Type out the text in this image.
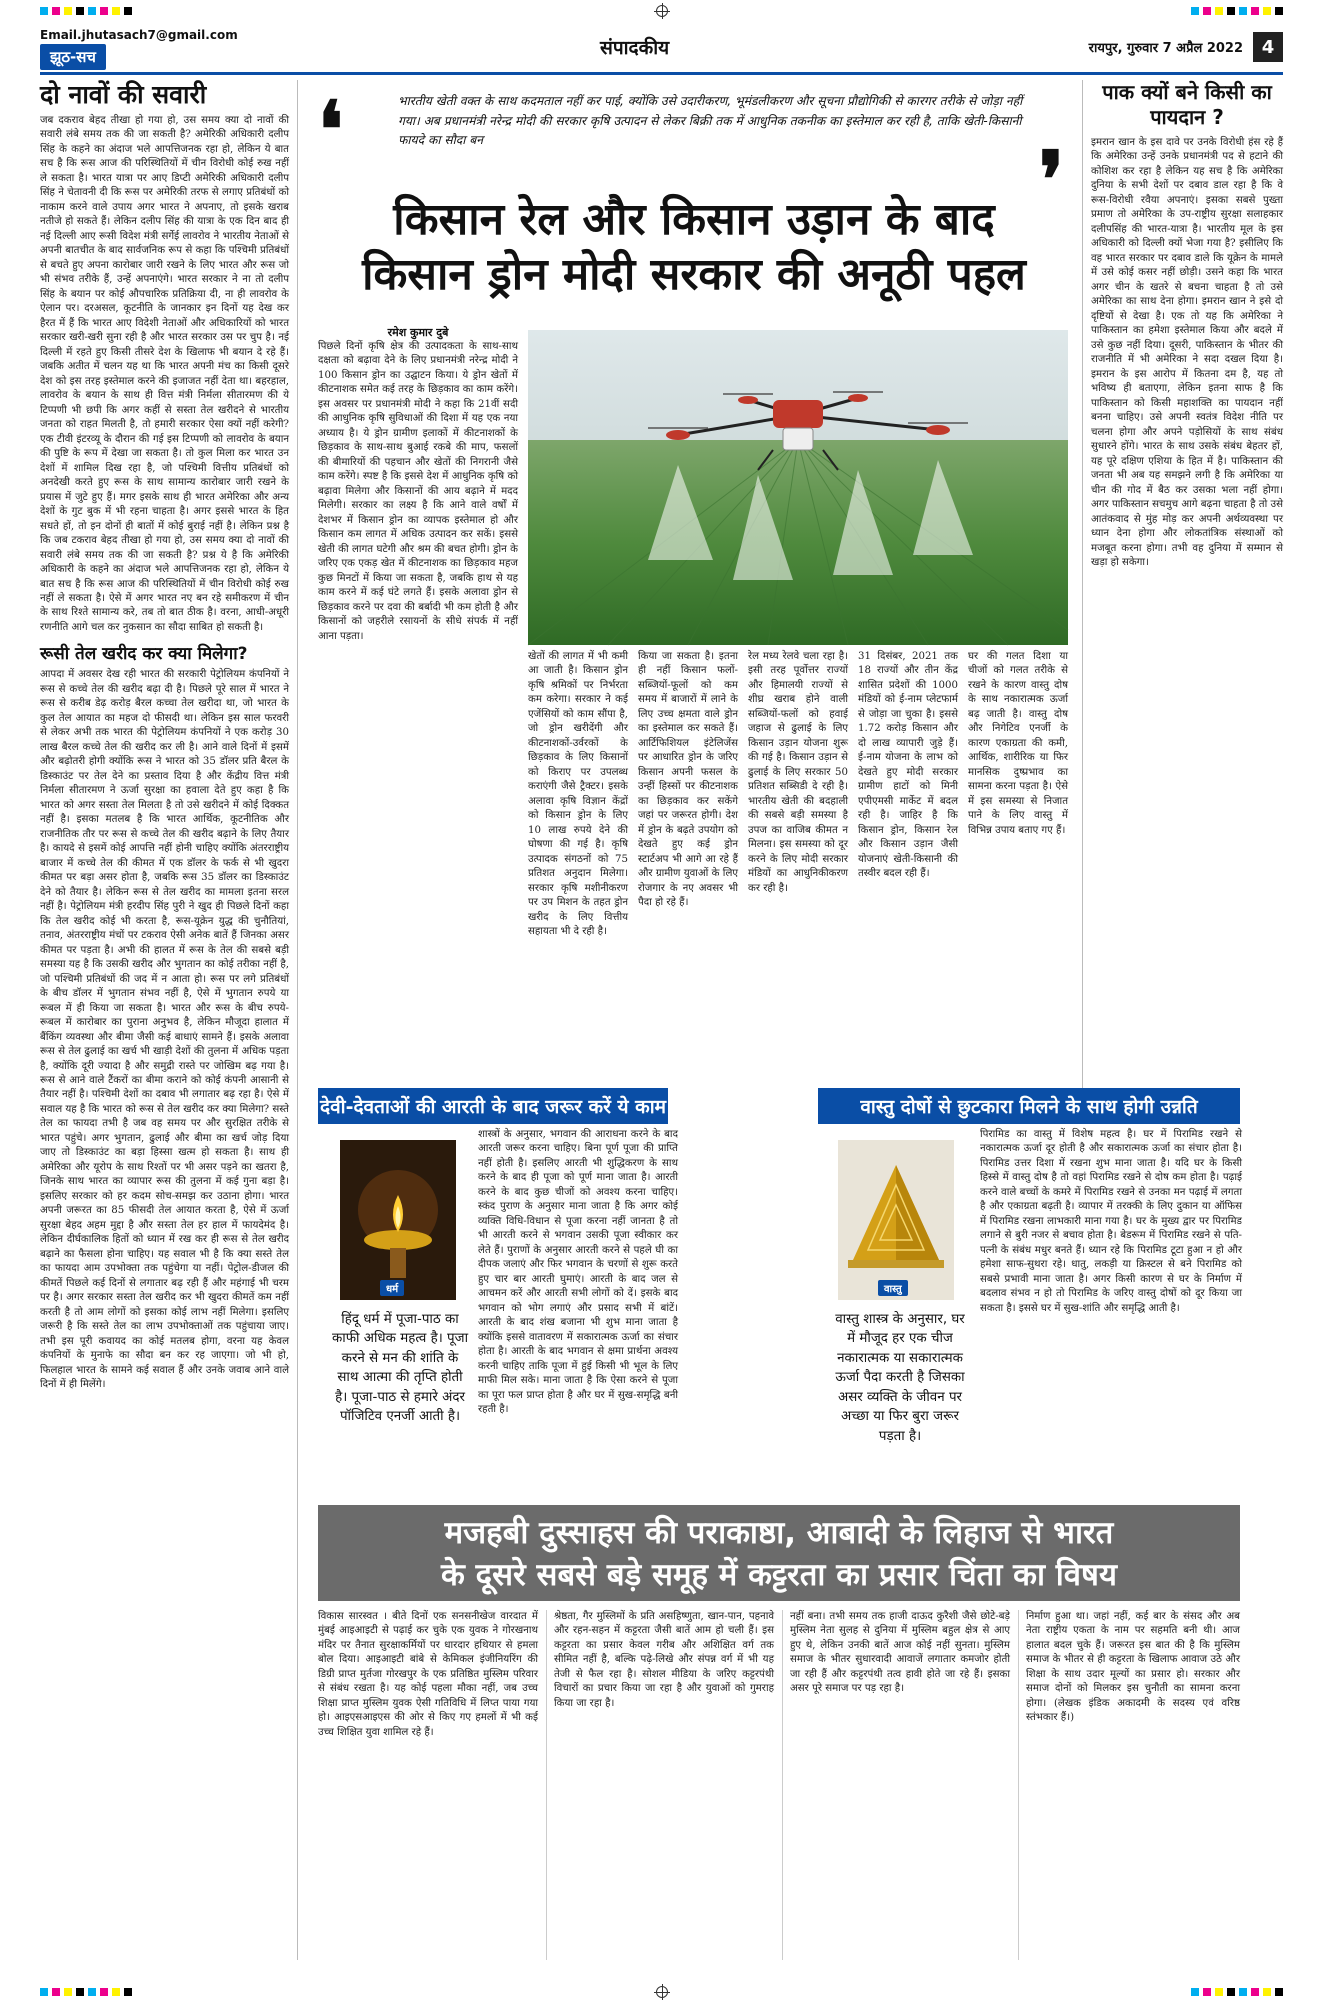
Email.jhutasach7@gmail.com
झूठ-सच	संपादकीय	रायपुर, गुरुवार 7 अप्रैल 2022	4
दो नावों की सवारी

जब दकराव बेहद तीखा हो गया हो, उस समय क्या दो नावों की सवारी लंबे समय तक की जा सकती है? अमेरिकी अधिकारी दलीप सिंह के कहने का अंदाज भले आपत्तिजनक रहा हो, लेकिन ये बात सच है कि रूस आज की परिस्थितियों में चीन विरोधी कोई रुख नहीं ले सकता है। भारत यात्रा पर आए डिप्टी अमेरिकी अधिकारी दलीप सिंह ने चेतावनी दी कि रूस पर अमेरिकी तरफ से लगाए प्रतिबंधों को नाकाम करने वाले उपाय अगर भारत ने अपनाए, तो इसके खराब नतीजे हो सकते हैं। लेकिन दलीप सिंह की यात्रा के एक दिन बाद ही नई दिल्ली आए रूसी विदेश मंत्री सर्गेई लावरोव ने भारतीय नेताओं से अपनी बातचीत के बाद सार्वजनिक रूप से कहा कि पश्चिमी प्रतिबंधों से बचते हुए अपना कारोबार जारी रखने के लिए भारत और रूस जो भी संभव तरीके हैं, उन्हें अपनाएंगे। भारत सरकार ने ना तो दलीप सिंह के बयान पर कोई औपचारिक प्रतिक्रिया दी, ना ही लावरोव के ऐलान पर। दरअसल, कूटनीति के जानकार इन दिनों यह देख कर हैरत में हैं कि भारत आए विदेशी नेताओं और अधिकारियों को भारत सरकार खरी-खरी सुना रही है और भारत सरकार उस पर चुप है। नई दिल्ली में रहते हुए किसी तीसरे देश के खिलाफ भी बयान दे रहे हैं। जबकि अतीत में चलन यह था कि भारत अपनी मंच का किसी दूसरे देश को इस तरह इस्तेमाल करने की इजाजत नहीं देता था। बहरहाल, लावरोव के बयान के साथ ही वित्त मंत्री निर्मला सीतारमण की ये टिप्पणी भी छपी कि अगर कहीं से सस्ता तेल खरीदने से भारतीय जनता को राहत मिलती है, तो हमारी सरकार ऐसा क्यों नहीं करेगी? एक टीवी इंटरव्यू के दौरान की गई इस टिप्पणी को लावरोव के बयान की पुष्टि के रूप में देखा जा सकता है। तो कुल मिला कर भारत उन देशों में शामिल दिख रहा है, जो पश्चिमी वित्तीय प्रतिबंधों को अनदेखी करते हुए रूस के साथ सामान्य कारोबार जारी रखने के प्रयास में जुटे हुए हैं। मगर इसके साथ ही भारत अमेरिका और अन्य देशों के गुट बुक में भी रहना चाहता है। अगर इससे भारत के हित सधते हों, तो इन दोनों ही बातों में कोई बुराई नहीं है। लेकिन प्रश्न है कि जब टकराव बेहद तीखा हो गया हो, उस समय क्या दो नावों की सवारी लंबे समय तक की जा सकती है? प्रश्न ये है कि अमेरिकी अधिकारी के कहने का अंदाज भले आपत्तिजनक रहा हो, लेकिन ये बात सच है कि रूस आज की परिस्थितियों में चीन विरोधी कोई रुख नहीं ले सकता है। ऐसे में अगर भारत नए बन रहे समीकरण में चीन के साथ रिश्ते सामान्य करे, तब तो बात ठीक है। वरना, आधी-अधूरी रणनीति आगे चल कर नुकसान का सौदा साबित हो सकती है।

रूसी तेल खरीद कर क्या मिलेगा?

आपदा में अवसर देख रही भारत की सरकारी पेट्रोलियम कंपनियों ने रूस से कच्चे तेल की खरीद बढ़ा दी है। पिछले पूरे साल में भारत ने रूस से करीब डेढ़ करोड़ बैरल कच्चा तेल खरीदा था, जो भारत के कुल तेल आयात का महज दो फीसदी था। लेकिन इस साल फरवरी से लेकर अभी तक भारत की पेट्रोलियम कंपनियों ने एक करोड़ 30 लाख बैरल कच्चे तेल की खरीद कर ली है। आने वाले दिनों में इसमें और बढ़ोतरी होगी क्योंकि रूस ने भारत को 35 डॉलर प्रति बैरल के डिस्काउंट पर तेल देने का प्रस्ताव दिया है और केंद्रीय वित्त मंत्री निर्मला सीतारमण ने ऊर्जा सुरक्षा का हवाला देते हुए कहा है कि भारत को अगर सस्ता तेल मिलता है तो उसे खरीदने में कोई दिक्कत नहीं है। इसका मतलब है कि भारत आर्थिक, कूटनीतिक और राजनीतिक तौर पर रूस से कच्चे तेल की खरीद बढ़ाने के लिए तैयार है। कायदे से इसमें कोई आपत्ति नहीं होनी चाहिए क्योंकि अंतरराष्ट्रीय बाजार में कच्चे तेल की कीमत में एक डॉलर के फर्क से भी खुदरा कीमत पर बड़ा असर होता है, जबकि रूस 35 डॉलर का डिस्काउंट देने को तैयार है। लेकिन रूस से तेल खरीद का मामला इतना सरल नहीं है। पेट्रोलियम मंत्री हरदीप सिंह पुरी ने खुद ही पिछले दिनों कहा कि तेल खरीद कोई भी करता है, रूस-यूक्रेन युद्ध की चुनौतियां, तनाव, अंतरराष्ट्रीय मंचों पर टकराव ऐसी अनेक बातें हैं जिनका असर कीमत पर पड़ता है। अभी की हालत में रूस के तेल की सबसे बड़ी समस्या यह है कि उसकी खरीद और भुगतान का कोई तरीका नहीं है, जो पश्चिमी प्रतिबंधों की जद में न आता हो। रूस पर लगे प्रतिबंधों के बीच डॉलर में भुगतान संभव नहीं है, ऐसे में भुगतान रुपये या रूबल में ही किया जा सकता है। भारत और रूस के बीच रुपये-रूबल में कारोबार का पुराना अनुभव है, लेकिन मौजूदा हालात में बैंकिंग व्यवस्था और बीमा जैसी कई बाधाएं सामने हैं। इसके अलावा रूस से तेल ढुलाई का खर्च भी खाड़ी देशों की तुलना में अधिक पड़ता है, क्योंकि दूरी ज्यादा है और समुद्री रास्ते पर जोखिम बढ़ गया है। रूस से आने वाले टैंकरों का बीमा कराने को कोई कंपनी आसानी से तैयार नहीं है। पश्चिमी देशों का दबाव भी लगातार बढ़ रहा है। ऐसे में सवाल यह है कि भारत को रूस से तेल खरीद कर क्या मिलेगा? सस्ते तेल का फायदा तभी है जब वह समय पर और सुरक्षित तरीके से भारत पहुंचे। अगर भुगतान, ढुलाई और बीमा का खर्च जोड़ दिया जाए तो डिस्काउंट का बड़ा हिस्सा खत्म हो सकता है। साथ ही अमेरिका और यूरोप के साथ रिश्तों पर भी असर पड़ने का खतरा है, जिनके साथ भारत का व्यापार रूस की तुलना में कई गुना बड़ा है। इसलिए सरकार को हर कदम सोच-समझ कर उठाना होगा। भारत अपनी जरूरत का 85 फीसदी तेल आयात करता है, ऐसे में ऊर्जा सुरक्षा बेहद अहम मुद्दा है और सस्ता तेल हर हाल में फायदेमंद है। लेकिन दीर्घकालिक हितों को ध्यान में रख कर ही रूस से तेल खरीद बढ़ाने का फैसला होना चाहिए। यह सवाल भी है कि क्या सस्ते तेल का फायदा आम उपभोक्ता तक पहुंचेगा या नहीं। पेट्रोल-डीजल की कीमतें पिछले कई दिनों से लगातार बढ़ रही हैं और महंगाई भी चरम पर है। अगर सरकार सस्ता तेल खरीद कर भी खुदरा कीमतें कम नहीं करती है तो आम लोगों को इसका कोई लाभ नहीं मिलेगा। इसलिए जरूरी है कि सस्ते तेल का लाभ उपभोक्ताओं तक पहुंचाया जाए। तभी इस पूरी कवायद का कोई मतलब होगा, वरना यह केवल कंपनियों के मुनाफे का सौदा बन कर रह जाएगा। जो भी हो, फिलहाल भारत के सामने कई सवाल हैं और उनके जवाब आने वाले दिनों में ही मिलेंगे।

पाक क्यों बने किसी का पायदान ?

इमरान खान के इस दावे पर उनके विरोधी हंस रहे हैं कि अमेरिका उन्हें उनके प्रधानमंत्री पद से हटाने की कोशिश कर रहा है लेकिन यह सच है कि अमेरिका दुनिया के सभी देशों पर दबाव डाल रहा है कि वे रूस-विरोधी रवैया अपनाएं। इसका सबसे पुख्ता प्रमाण तो अमेरिका के उप-राष्ट्रीय सुरक्षा सलाहकार दलीपसिंह की भारत-यात्रा है। भारतीय मूल के इस अधिकारी को दिल्ली क्यों भेजा गया है? इसीलिए कि वह भारत सरकार पर दबाव डाले कि यूक्रेन के मामले में उसे कोई कसर नहीं छोड़ी। उसने कहा कि भारत अगर चीन के खतरे से बचना चाहता है तो उसे अमेरिका का साथ देना होगा। इमरान खान ने इसे दो दृष्टियों से देखा है। एक तो यह कि अमेरिका ने पाकिस्तान का हमेशा इस्तेमाल किया और बदले में उसे कुछ नहीं दिया। दूसरी, पाकिस्तान के भीतर की राजनीति में भी अमेरिका ने सदा दखल दिया है। इमरान के इस आरोप में कितना दम है, यह तो भविष्य ही बताएगा, लेकिन इतना साफ है कि पाकिस्तान को किसी महाशक्ति का पायदान नहीं बनना चाहिए। उसे अपनी स्वतंत्र विदेश नीति पर चलना होगा और अपने पड़ोसियों के साथ संबंध सुधारने होंगे। भारत के साथ उसके संबंध बेहतर हों, यह पूरे दक्षिण एशिया के हित में है। पाकिस्तान की जनता भी अब यह समझने लगी है कि अमेरिका या चीन की गोद में बैठ कर उसका भला नहीं होगा। अगर पाकिस्तान सचमुच आगे बढ़ना चाहता है तो उसे आतंकवाद से मुंह मोड़ कर अपनी अर्थव्यवस्था पर ध्यान देना होगा और लोकतांत्रिक संस्थाओं को मजबूत करना होगा। तभी वह दुनिया में सम्मान से खड़ा हो सकेगा।

❛	भारतीय खेती वक्त के साथ कदमताल नहीं कर पाई, क्योंकि उसे उदारीकरण, भूमंडलीकरण और सूचना प्रौद्योगिकी से कारगर तरीके से जोड़ा नहीं गया। अब प्रधानमंत्री नरेन्द्र मोदी की सरकार कृषि उत्पादन से लेकर बिक्री तक में आधुनिक तकनीक का इस्तेमाल कर रही है, ताकि खेती-किसानी फायदे का सौदा बन	❜
किसान रेल और किसान उड़ान के बाद
किसान ड्रोन मोदी सरकार की अनूठी पहल
रमेश कुमार दुबे
पिछले दिनों कृषि क्षेत्र की उत्पादकता के साथ-साथ दक्षता को बढ़ावा देने के लिए प्रधानमंत्री नरेन्द्र मोदी ने 100 किसान ड्रोन का उद्घाटन किया। ये ड्रोन खेतों में कीटनाशक समेत कई तरह के छिड़काव का काम करेंगे। इस अवसर पर प्रधानमंत्री मोदी ने कहा कि 21वीं सदी की आधुनिक कृषि सुविधाओं की दिशा में यह एक नया अध्याय है। ये ड्रोन ग्रामीण इलाकों में कीटनाशकों के छिड़काव के साथ-साथ बुआई रकबे की माप, फसलों की बीमारियों की पहचान और खेतों की निगरानी जैसे काम करेंगे। स्पष्ट है कि इससे देश में आधुनिक कृषि को बढ़ावा मिलेगा और किसानों की आय बढ़ाने में मदद मिलेगी। सरकार का लक्ष्य है कि आने वाले वर्षों में देशभर में किसान ड्रोन का व्यापक इस्तेमाल हो और किसान कम लागत में अधिक उत्पादन कर सकें। इससे खेती की लागत घटेगी और श्रम की बचत होगी। ड्रोन के जरिए एक एकड़ खेत में कीटनाशक का छिड़काव महज कुछ मिनटों में किया जा सकता है, जबकि हाथ से यह काम करने में कई घंटे लगते हैं। इसके अलावा ड्रोन से छिड़काव करने पर दवा की बर्बादी भी कम होती है और किसानों को जहरीले रसायनों के सीधे संपर्क में नहीं आना पड़ता।
खेतों की लागत में भी कमी आ जाती है। किसान ड्रोन कृषि श्रमिकों पर निर्भरता कम करेगा। सरकार ने कई एजेंसियों को काम सौंपा है, जो ड्रोन खरीदेंगी और कीटनाशकों-उर्वरकों के छिड़काव के लिए किसानों को किराए पर उपलब्ध कराएंगी जैसे ट्रैक्टर। इसके अलावा कृषि विज्ञान केंद्रों को किसान ड्रोन के लिए 10 लाख रुपये देने की घोषणा की गई है। कृषि उत्पादक संगठनों को 75 प्रतिशत अनुदान मिलेगा। सरकार कृषि मशीनीकरण पर उप मिशन के तहत ड्रोन खरीद के लिए वित्तीय सहायता भी दे रही है।
किया जा सकता है। इतना ही नहीं किसान फलों-सब्जियों-फूलों को कम समय में बाजारों में लाने के लिए उच्च क्षमता वाले ड्रोन का इस्तेमाल कर सकते हैं। आर्टिफिशियल इंटेलिजेंस पर आधारित ड्रोन के जरिए किसान अपनी फसल के उन्हीं हिस्सों पर कीटनाशक का छिड़काव कर सकेंगे जहां पर जरूरत होगी। देश में ड्रोन के बढ़ते उपयोग को देखते हुए कई ड्रोन स्टार्टअप भी आगे आ रहे हैं और ग्रामीण युवाओं के लिए रोजगार के नए अवसर भी पैदा हो रहे हैं।
रेल मध्य रेलवे चला रहा है। इसी तरह पूर्वोत्तर राज्यों और हिमालयी राज्यों से शीघ्र खराब होने वाली सब्जियों-फलों को हवाई जहाज से ढुलाई के लिए किसान उड़ान योजना शुरू की गई है। किसान उड़ान से ढुलाई के लिए सरकार 50 प्रतिशत सब्सिडी दे रही है। भारतीय खेती की बदहाली की सबसे बड़ी समस्या है उपज का वाजिब कीमत न मिलना। इस समस्या को दूर करने के लिए मोदी सरकार मंडियों का आधुनिकीकरण कर रही है।
31 दिसंबर, 2021 तक 18 राज्यों और तीन केंद्र शासित प्रदेशों की 1000 मंडियों को ई-नाम प्लेटफार्म से जोड़ा जा चुका है। इससे 1.72 करोड़ किसान और दो लाख व्यापारी जुड़े हैं। ई-नाम योजना के लाभ को देखते हुए मोदी सरकार ग्रामीण हाटों को मिनी एपीएमसी मार्केट में बदल रही है। जाहिर है कि किसान ड्रोन, किसान रेल और किसान उड़ान जैसी योजनाएं खेती-किसानी की तस्वीर बदल रही हैं।
घर की गलत दिशा या चीजों को गलत तरीके से रखने के कारण वास्तु दोष के साथ नकारात्मक ऊर्जा बढ़ जाती है। वास्तु दोष और निगेटिव एनर्जी के कारण एकाग्रता की कमी, आर्थिक, शारीरिक या फिर मानसिक दुष्प्रभाव का सामना करना पड़ता है। ऐसे में इस समस्या से निजात पाने के लिए वास्तु में विभिन्न उपाय बताए गए हैं।
देवी-देवताओं की आरती के बाद जरूर करें ये काम	वास्तु दोषों से छुटकारा मिलने के साथ होगी उन्नति
धर्म
हिंदू धर्म में पूजा-पाठ का काफी अधिक महत्व है। पूजा करने से मन की शांति के साथ आत्मा की तृप्ति होती है। पूजा-पाठ से हमारे अंदर पॉजिटिव एनर्जी आती है।
शास्त्रों के अनुसार, भगवान की आराधना करने के बाद आरती जरूर करना चाहिए। बिना पूर्ण पूजा की प्राप्ति नहीं होती है। इसलिए आरती भी शुद्धिकरण के साथ करने के बाद ही पूजा को पूर्ण माना जाता है। आरती करने के बाद कुछ चीजों को अवश्य करना चाहिए। स्कंद पुराण के अनुसार माना जाता है कि अगर कोई व्यक्ति विधि-विधान से पूजा करना नहीं जानता है तो भी आरती करने से भगवान उसकी पूजा स्वीकार कर लेते हैं। पुराणों के अनुसार आरती करने से पहले घी का दीपक जलाएं और फिर भगवान के चरणों से शुरू करते हुए चार बार आरती घुमाएं। आरती के बाद जल से आचमन करें और आरती सभी लोगों को दें। इसके बाद भगवान को भोग लगाएं और प्रसाद सभी में बांटें। आरती के बाद शंख बजाना भी शुभ माना जाता है क्योंकि इससे वातावरण में सकारात्मक ऊर्जा का संचार होता है। आरती के बाद भगवान से क्षमा प्रार्थना अवश्य करनी चाहिए ताकि पूजा में हुई किसी भी भूल के लिए माफी मिल सके। माना जाता है कि ऐसा करने से पूजा का पूरा फल प्राप्त होता है और घर में सुख-समृद्धि बनी रहती है।
वास्तु
वास्तु शास्त्र के अनुसार, घर में मौजूद हर एक चीज नकारात्मक या सकारात्मक ऊर्जा पैदा करती है जिसका असर व्यक्ति के जीवन पर अच्छा या फिर बुरा जरूर पड़ता है।
पिरामिड का वास्तु में विशेष महत्व है। घर में पिरामिड रखने से नकारात्मक ऊर्जा दूर होती है और सकारात्मक ऊर्जा का संचार होता है। पिरामिड उत्तर दिशा में रखना शुभ माना जाता है। यदि घर के किसी हिस्से में वास्तु दोष है तो वहां पिरामिड रखने से दोष कम होता है। पढ़ाई करने वाले बच्चों के कमरे में पिरामिड रखने से उनका मन पढ़ाई में लगता है और एकाग्रता बढ़ती है। व्यापार में तरक्की के लिए दुकान या ऑफिस में पिरामिड रखना लाभकारी माना गया है। घर के मुख्य द्वार पर पिरामिड लगाने से बुरी नजर से बचाव होता है। बेडरूम में पिरामिड रखने से पति-पत्नी के संबंध मधुर बनते हैं। ध्यान रहे कि पिरामिड टूटा हुआ न हो और हमेशा साफ-सुथरा रहे। धातु, लकड़ी या क्रिस्टल से बने पिरामिड को सबसे प्रभावी माना जाता है। अगर किसी कारण से घर के निर्माण में बदलाव संभव न हो तो पिरामिड के जरिए वास्तु दोषों को दूर किया जा सकता है। इससे घर में सुख-शांति और समृद्धि आती है।
मजहबी दुस्साहस की पराकाष्ठा, आबादी के लिहाज से भारत
के दूसरे सबसे बड़े समूह में कट्टरता का प्रसार चिंता का विषय
विकास सारस्वत । बीते दिनों एक सनसनीखेज वारदात में मुंबई आइआइटी से पढ़ाई कर चुके एक युवक ने गोरखनाथ मंदिर पर तैनात सुरक्षाकर्मियों पर धारदार हथियार से हमला बोल दिया। आइआइटी बांबे से केमिकल इंजीनियरिंग की डिग्री प्राप्त मुर्तजा गोरखपुर के एक प्रतिष्ठित मुस्लिम परिवार से संबंध रखता है। यह कोई पहला मौका नहीं, जब उच्च शिक्षा प्राप्त मुस्लिम युवक ऐसी गतिविधि में लिप्त पाया गया हो। आइएसआइएस की ओर से किए गए हमलों में भी कई उच्च शिक्षित युवा शामिल रहे हैं।
श्रेष्ठता, गैर मुस्लिमों के प्रति असहिष्णुता, खान-पान, पहनावे और रहन-सहन में कट्टरता जैसी बातें आम हो चली हैं। इस कट्टरता का प्रसार केवल गरीब और अशिक्षित वर्ग तक सीमित नहीं है, बल्कि पढ़े-लिखे और संपन्न वर्ग में भी यह तेजी से फैल रहा है। सोशल मीडिया के जरिए कट्टरपंथी विचारों का प्रचार किया जा रहा है और युवाओं को गुमराह किया जा रहा है।
नहीं बना। तभी समय तक हाजी दाऊद कुरैशी जैसे छोटे-बड़े मुस्लिम नेता सुलह से दुनिया में मुस्लिम बहुल क्षेत्र से आए हुए थे, लेकिन उनकी बातें आज कोई नहीं सुनता। मुस्लिम समाज के भीतर सुधारवादी आवाजें लगातार कमजोर होती जा रही हैं और कट्टरपंथी तत्व हावी होते जा रहे हैं। इसका असर पूरे समाज पर पड़ रहा है।
निर्माण हुआ था। जहां नहीं, कई बार के संसद और अब नेता राष्ट्रीय एकता के नाम पर सहमति बनी थी। आज हालात बदल चुके हैं। जरूरत इस बात की है कि मुस्लिम समाज के भीतर से ही कट्टरता के खिलाफ आवाज उठे और शिक्षा के साथ उदार मूल्यों का प्रसार हो। सरकार और समाज दोनों को मिलकर इस चुनौती का सामना करना होगा। (लेखक इंडिक अकादमी के सदस्य एवं वरिष्ठ स्तंभकार हैं।)
